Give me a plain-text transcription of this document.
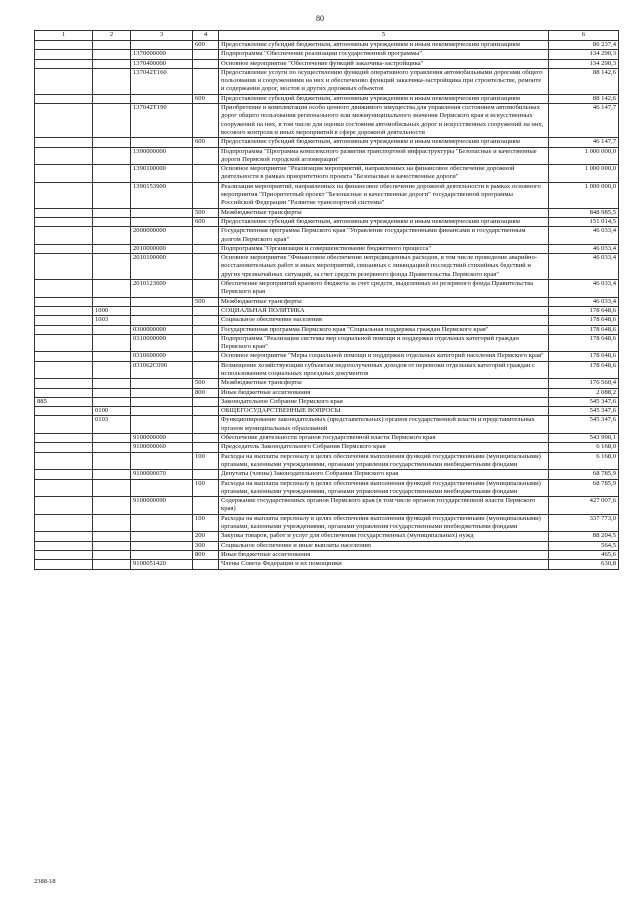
80
1	2	3	4	5	6
			600	Предоставление субсидий бюджетным, автономным учреждениям и иным некоммерческим организациям	86 237,4
		1370000000		Подпрограмма "Обеспечение реализации государственной программы"	134 290,3
		1370400000		Основное мероприятие "Обеспечение функций заказчика-застройщика"	134 290,3
		137042Т160		Предоставление услуги по осуществлению функций оперативного управления автомобильными дорогами общего пользования и сооружениями на них и обеспечению функций заказчика-застройщика при строительстве, ремонте и содержании дорог, мостов и других дорожных объектов	88 142,6
			600	Предоставление субсидий бюджетным, автономным учреждениям и иным некоммерческим организациям	88 142,6
		137042Т190		Приобретение и комплектация особо ценного движимого имущества для управления состоянием автомобильных дорог общего пользования регионального или межмуниципального значения Пермского края и искусственных сооружений на них, в том числе для оценки состояния автомобильных дорог и искусственных сооружений на них, весового контроля и иных мероприятий в сфере дорожной деятельности	46 147,7
			600	Предоставление субсидий бюджетным, автономным учреждениям и иным некоммерческим организациям	46 147,7
		1390000000		Подпрограмма "Программа комплексного развития транспортной инфраструктуры "Безопасные и качественные дороги Пермской городской агломерации"	1 000 000,0
		1390100000		Основное мероприятие "Реализация мероприятий, направленных на финансовое обеспечение дорожной деятельности в рамках приоритетного проекта "Безопасные и качественные дороги"	1 000 000,0
		1390153900		Реализация мероприятий, направленных на финансовое обеспечение дорожной деятельности в рамках основного мероприятия "Приоритетный проект "Безопасные и качественные дороги" государственной программы Российской Федерации "Развитие транспортной системы"	1 000 000,0
			500	Межбюджетные трансферты	848 985,5
			600	Предоставление субсидий бюджетным, автономным учреждениям и иным некоммерческим организациям	151 014,5
		2000000000		Государственная программа Пермского края "Управление государственными финансами и государственным долгом Пермского края"	46 033,4
		2010000000		Подпрограмма "Организация и совершенствование бюджетного процесса"	46 033,4
		2010100000		Основное мероприятие "Финансовое обеспечение непредвиденных расходов, в том числе проведение аварийно-восстановительных работ и иных мероприятий, связанных с ликвидацией последствий стихийных бедствий и других чрезвычайных ситуаций, за счет средств резервного фонда Правительства Пермского края"	46 033,4
		2010123000		Обеспечение мероприятий краевого бюджета за счет средств, выделенных из резервного фонда Правительства Пермского края	46 033,4
			500	Межбюджетные трансферты	46 033,4
	1000			СОЦИАЛЬНАЯ ПОЛИТИКА	178 648,6
	1003			Социальное обеспечение населения	178 648,6
		0300000000		Государственная программа Пермского края "Социальная поддержка граждан Пермского края"	178 648,6
		0310000000		Подпрограмма "Реализация системы мер социальной помощи и поддержки отдельных категорий граждан Пермского края"	178 648,6
		0310600000		Основное мероприятие "Меры социальной помощи и поддержки отдельных категорий населения Пермского края"	178 648,6
		031062С090		Возмещение хозяйствующим субъектам недополученных доходов от перевозки отдельных категорий граждан с использованием социальных проездных документов	178 648,6
			500	Межбюджетные трансферты	176 560,4
			800	Иные бюджетные ассигнования	2 088,2
885				Законодательное Собрание Пермского края	545 347,6
	0100			ОБЩЕГОСУДАРСТВЕННЫЕ ВОПРОСЫ	545 347,6
	0103			Функционирование законодательных (представительных) органов государственной власти и представительных органов муниципальных образований	545 347,6
		9100000000		Обеспечение деятельности органов государственной власти Пермского края	543 990,1
		9100000060		Председатель Законодательного Собрания Пермского края	6 168,0
			100	Расходы на выплаты персоналу в целях обеспечения выполнения функций государственными (муниципальными) органами, казенными учреждениями, органами управления государственными внебюджетными фондами	6 168,0
		9100000070		Депутаты (члены) Законодательного Собрания Пермского края	68 785,9
			100	Расходы на выплаты персоналу в целях обеспечения выполнения функций государственными (муниципальными) органами, казенными учреждениями, органами управления государственными внебюджетными фондами	68 785,9
		9100000090		Содержание государственных органов Пермского края (в том числе органов государственной власти Пермского края)	427 007,6
			100	Расходы на выплаты персоналу в целях обеспечения выполнения функций государственными (муниципальными) органами, казенными учреждениями, органами управления государственными внебюджетными фондами	337 773,0
			200	Закупка товаров, работ и услуг для обеспечения государственных (муниципальных) нужд	88 204,5
			300	Социальное обеспечение и иные выплаты населению	564,5
			800	Иные бюджетные ассигнования	465,6
		9100051420		Члены Совета Федерации и их помощники	630,8
2388-18
